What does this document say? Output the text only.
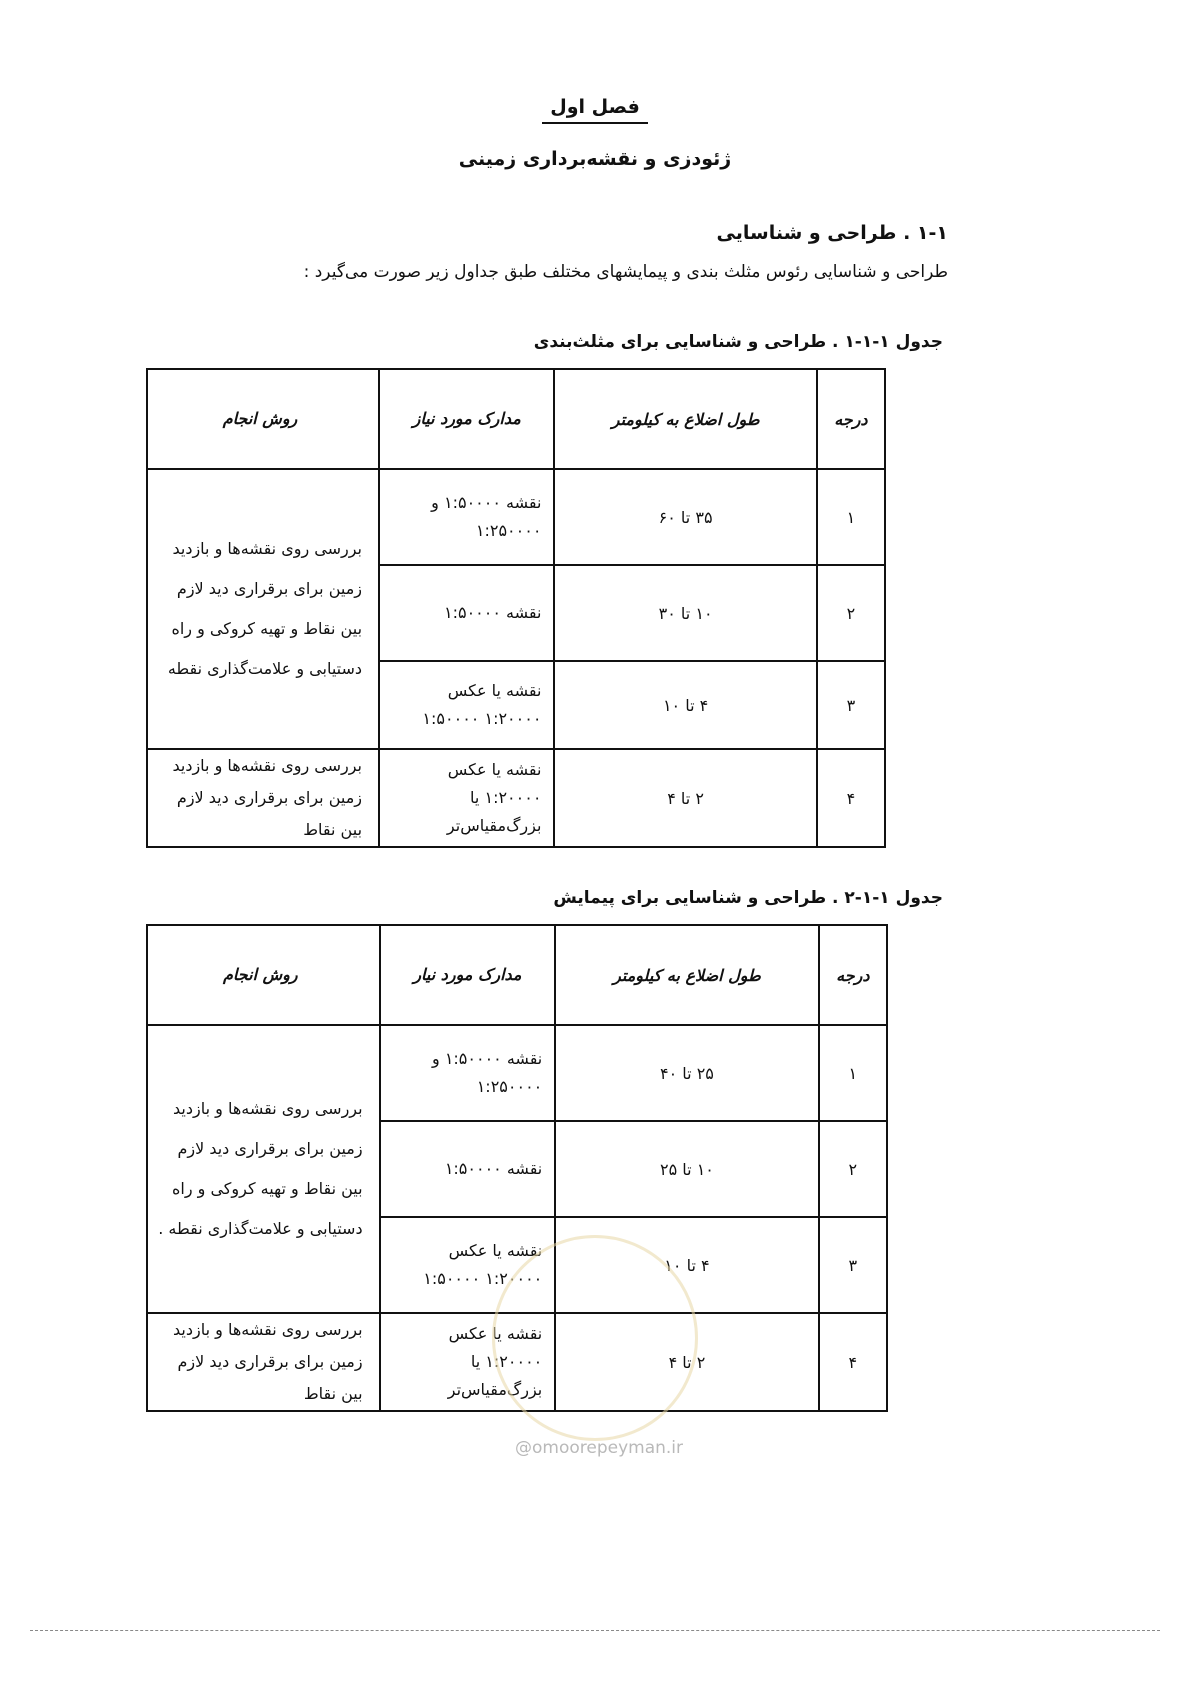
فصل اول
ژئودزی و نقشه‌برداری زمینی
۱-۱ . طراحی و شناسایی
طراحی و شناسایی رئوس مثلث بندی و پیمایشهای مختلف طبق جداول زیر صورت می‌گیرد :
جدول ۱-۱-۱ . طراحی و شناسایی برای مثلث‌بندی
درجه	طول اضلاع به کیلومتر	مدارک مورد نیاز	روش انجام
۱	۳۵ تا ۶۰	نقشه ۱:۵۰۰۰۰ و ۱:۲۵۰۰۰۰	بررسی روی نقشه‌ها و بازدید زمین برای برقراری دید لازم بین نقاط و تهیه کروکی و راه دستیابی و علامت‌گذاری نقطه
۲	۱۰ تا ۳۰	نقشه ۱:۵۰۰۰۰	
۳	۴ تا ۱۰	نقشه یا عکس ۱:۲۰۰۰۰ ۱:۵۰۰۰۰	
۴	۲ تا ۴	نقشه یا عکس ۱:۲۰۰۰۰ یا بزرگ‌مقیاس‌تر	بررسی روی نقشه‌ها و بازدید زمین برای برقراری دید لازم بین نقاط
جدول ۱-۱-۲ . طراحی و شناسایی برای پیمایش
درجه	طول اضلاع به کیلومتر	مدارک مورد نیار	روش انجام
۱	۲۵ تا ۴۰	نقشه ۱:۵۰۰۰۰ و ۱:۲۵۰۰۰۰	بررسی روی نقشه‌ها و بازدید زمین برای برقراری دید لازم بین نقاط و تهیه کروکی و راه دستیابی و علامت‌گذاری نقطه .
۲	۱۰ تا ۲۵	نقشه ۱:۵۰۰۰۰	
۳	۴ تا ۱۰	نقشه یا عکس ۱:۲۰۰۰۰ ۱:۵۰۰۰۰	
۴	۲ تا ۴	نقشه یا عکس ۱:۲۰۰۰۰ یا بزرگ‌مقیاس‌تر	بررسی روی نقشه‌ها و بازدید زمین برای برقراری دید لازم بین نقاط
@omoorepeyman.ir
